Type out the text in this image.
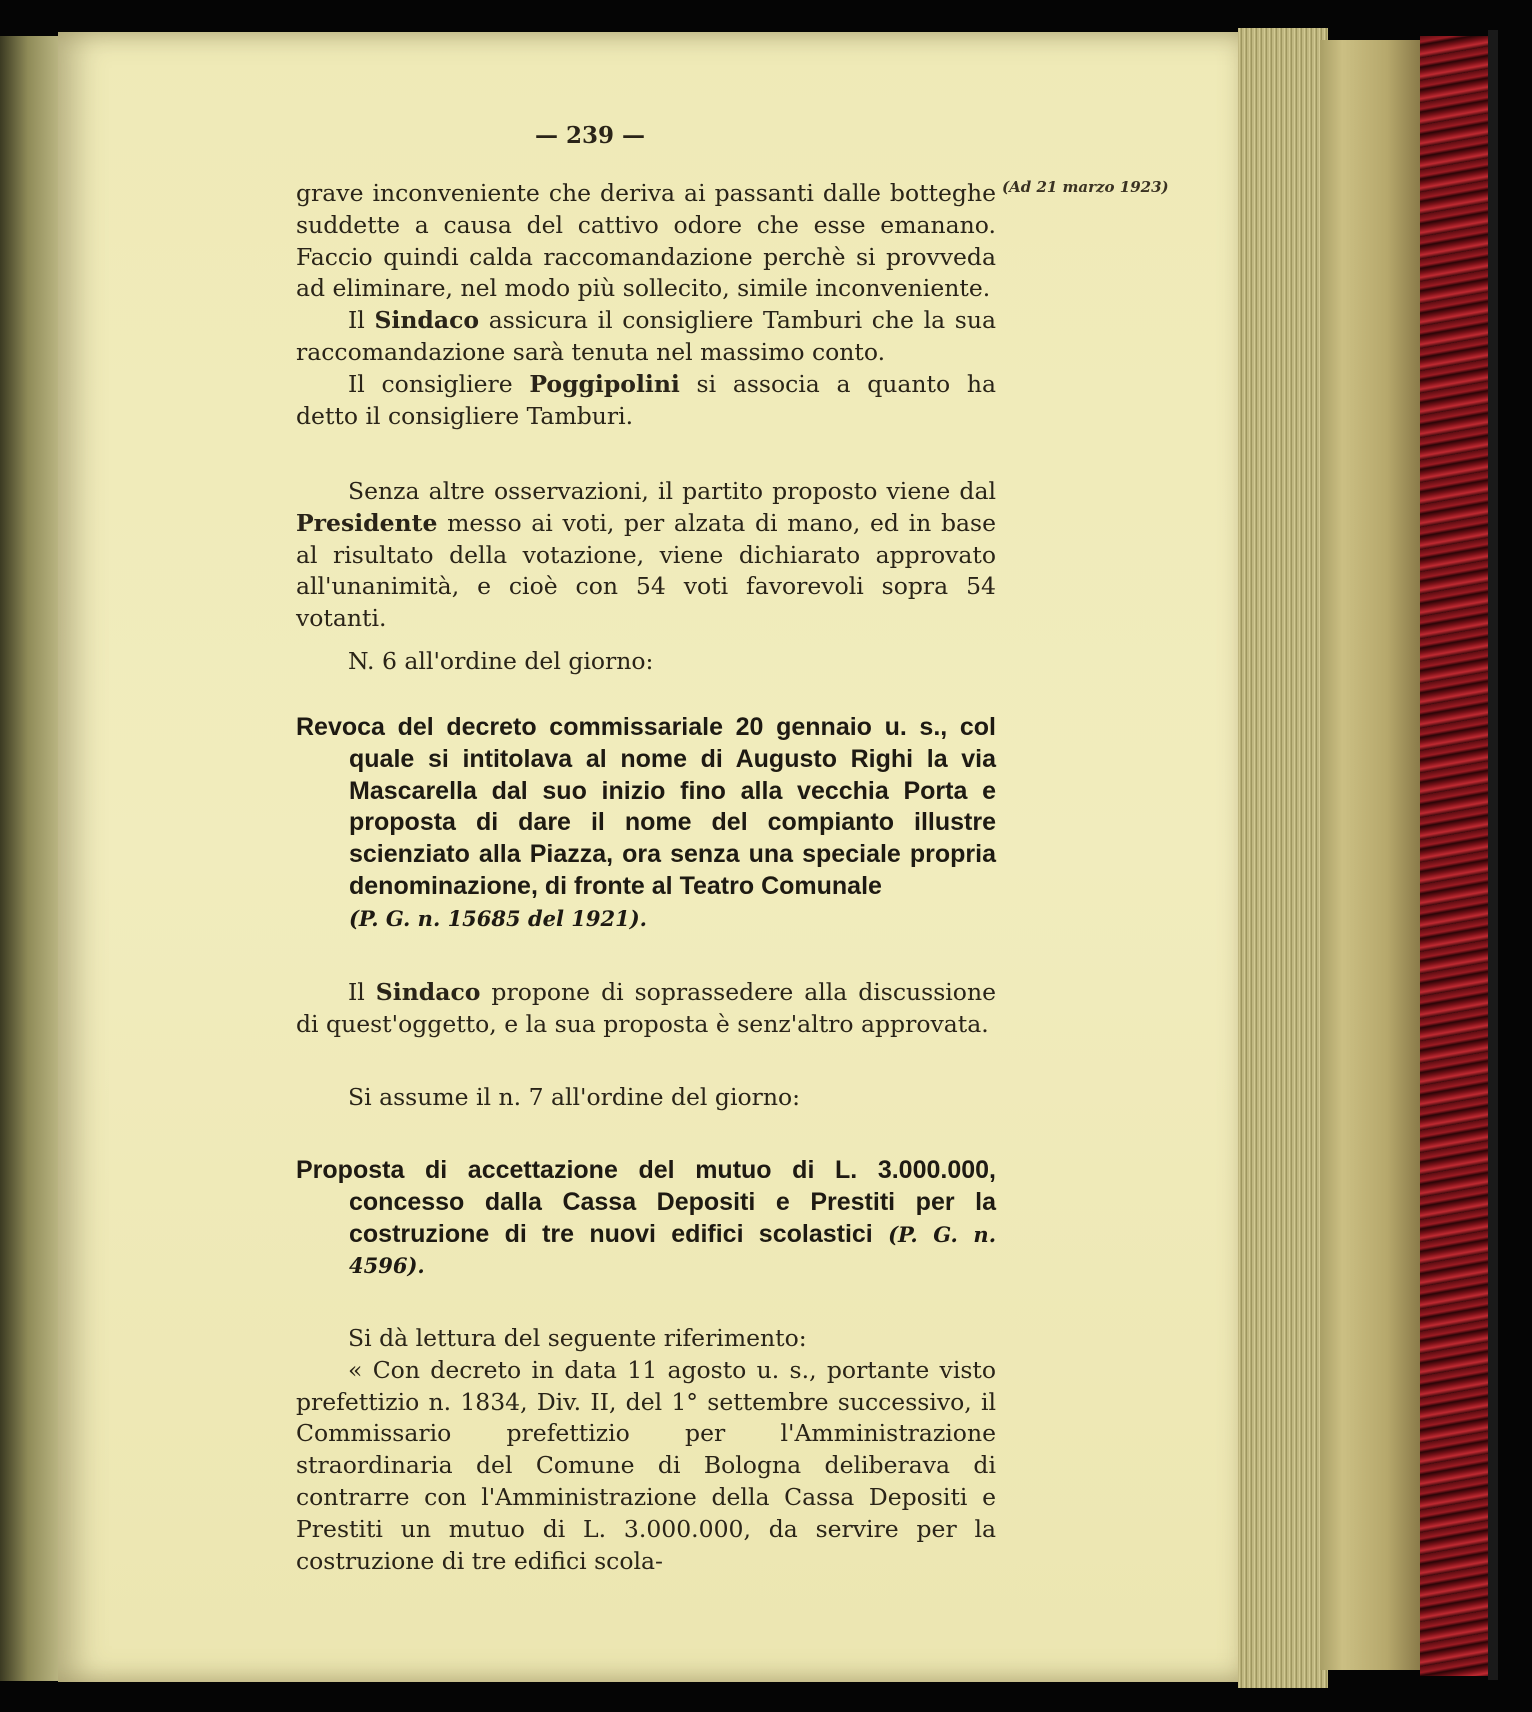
— 239 —
(Ad 21 marzo 1923)

grave inconveniente che deriva ai passanti dalle botteghe suddette a causa del cattivo odore che esse emanano. Faccio quindi calda raccomandazione perchè si provveda ad eliminare, nel modo più sollecito, simile inconveniente.

Il Sindaco assicura il consigliere Tamburi che la sua raccomandazione sarà tenuta nel massimo conto.

Il consigliere Poggipolini si associa a quanto ha detto il consigliere Tamburi.

Senza altre osservazioni, il partito proposto viene dal Presidente messo ai voti, per alzata di mano, ed in base al risultato della votazione, viene dichiarato approvato all'unanimità, e cioè con 54 voti favorevoli sopra 54 votanti.

N. 6 all'ordine del giorno:

Revoca del decreto commissariale 20 gennaio u. s., col quale si intitolava al nome di Augusto Righi la via Mascarella dal suo inizio fino alla vecchia Porta e proposta di dare il nome del compianto illustre scienziato alla Piazza, ora senza una speciale propria denominazione, di fronte al Teatro Comunale
(P. G. n. 15685 del 1921).

Il Sindaco propone di soprassedere alla discussione di quest'oggetto, e la sua proposta è senz'altro approvata.

Si assume il n. 7 all'ordine del giorno:

Proposta di accettazione del mutuo di L. 3.000.000, concesso dalla Cassa Depositi e Prestiti per la costruzione di tre nuovi edifici scolastici (P. G. n. 4596).

Si dà lettura del seguente riferimento:

« Con decreto in data 11 agosto u. s., portante visto prefettizio n. 1834, Div. II, del 1° settembre successivo, il Commissario prefettizio per l'Amministrazione straordinaria del Comune di Bologna deliberava di contrarre con l'Amministrazione della Cassa Depositi e Prestiti un mutuo di L. 3.000.000, da servire per la costruzione di tre edifici scola-
